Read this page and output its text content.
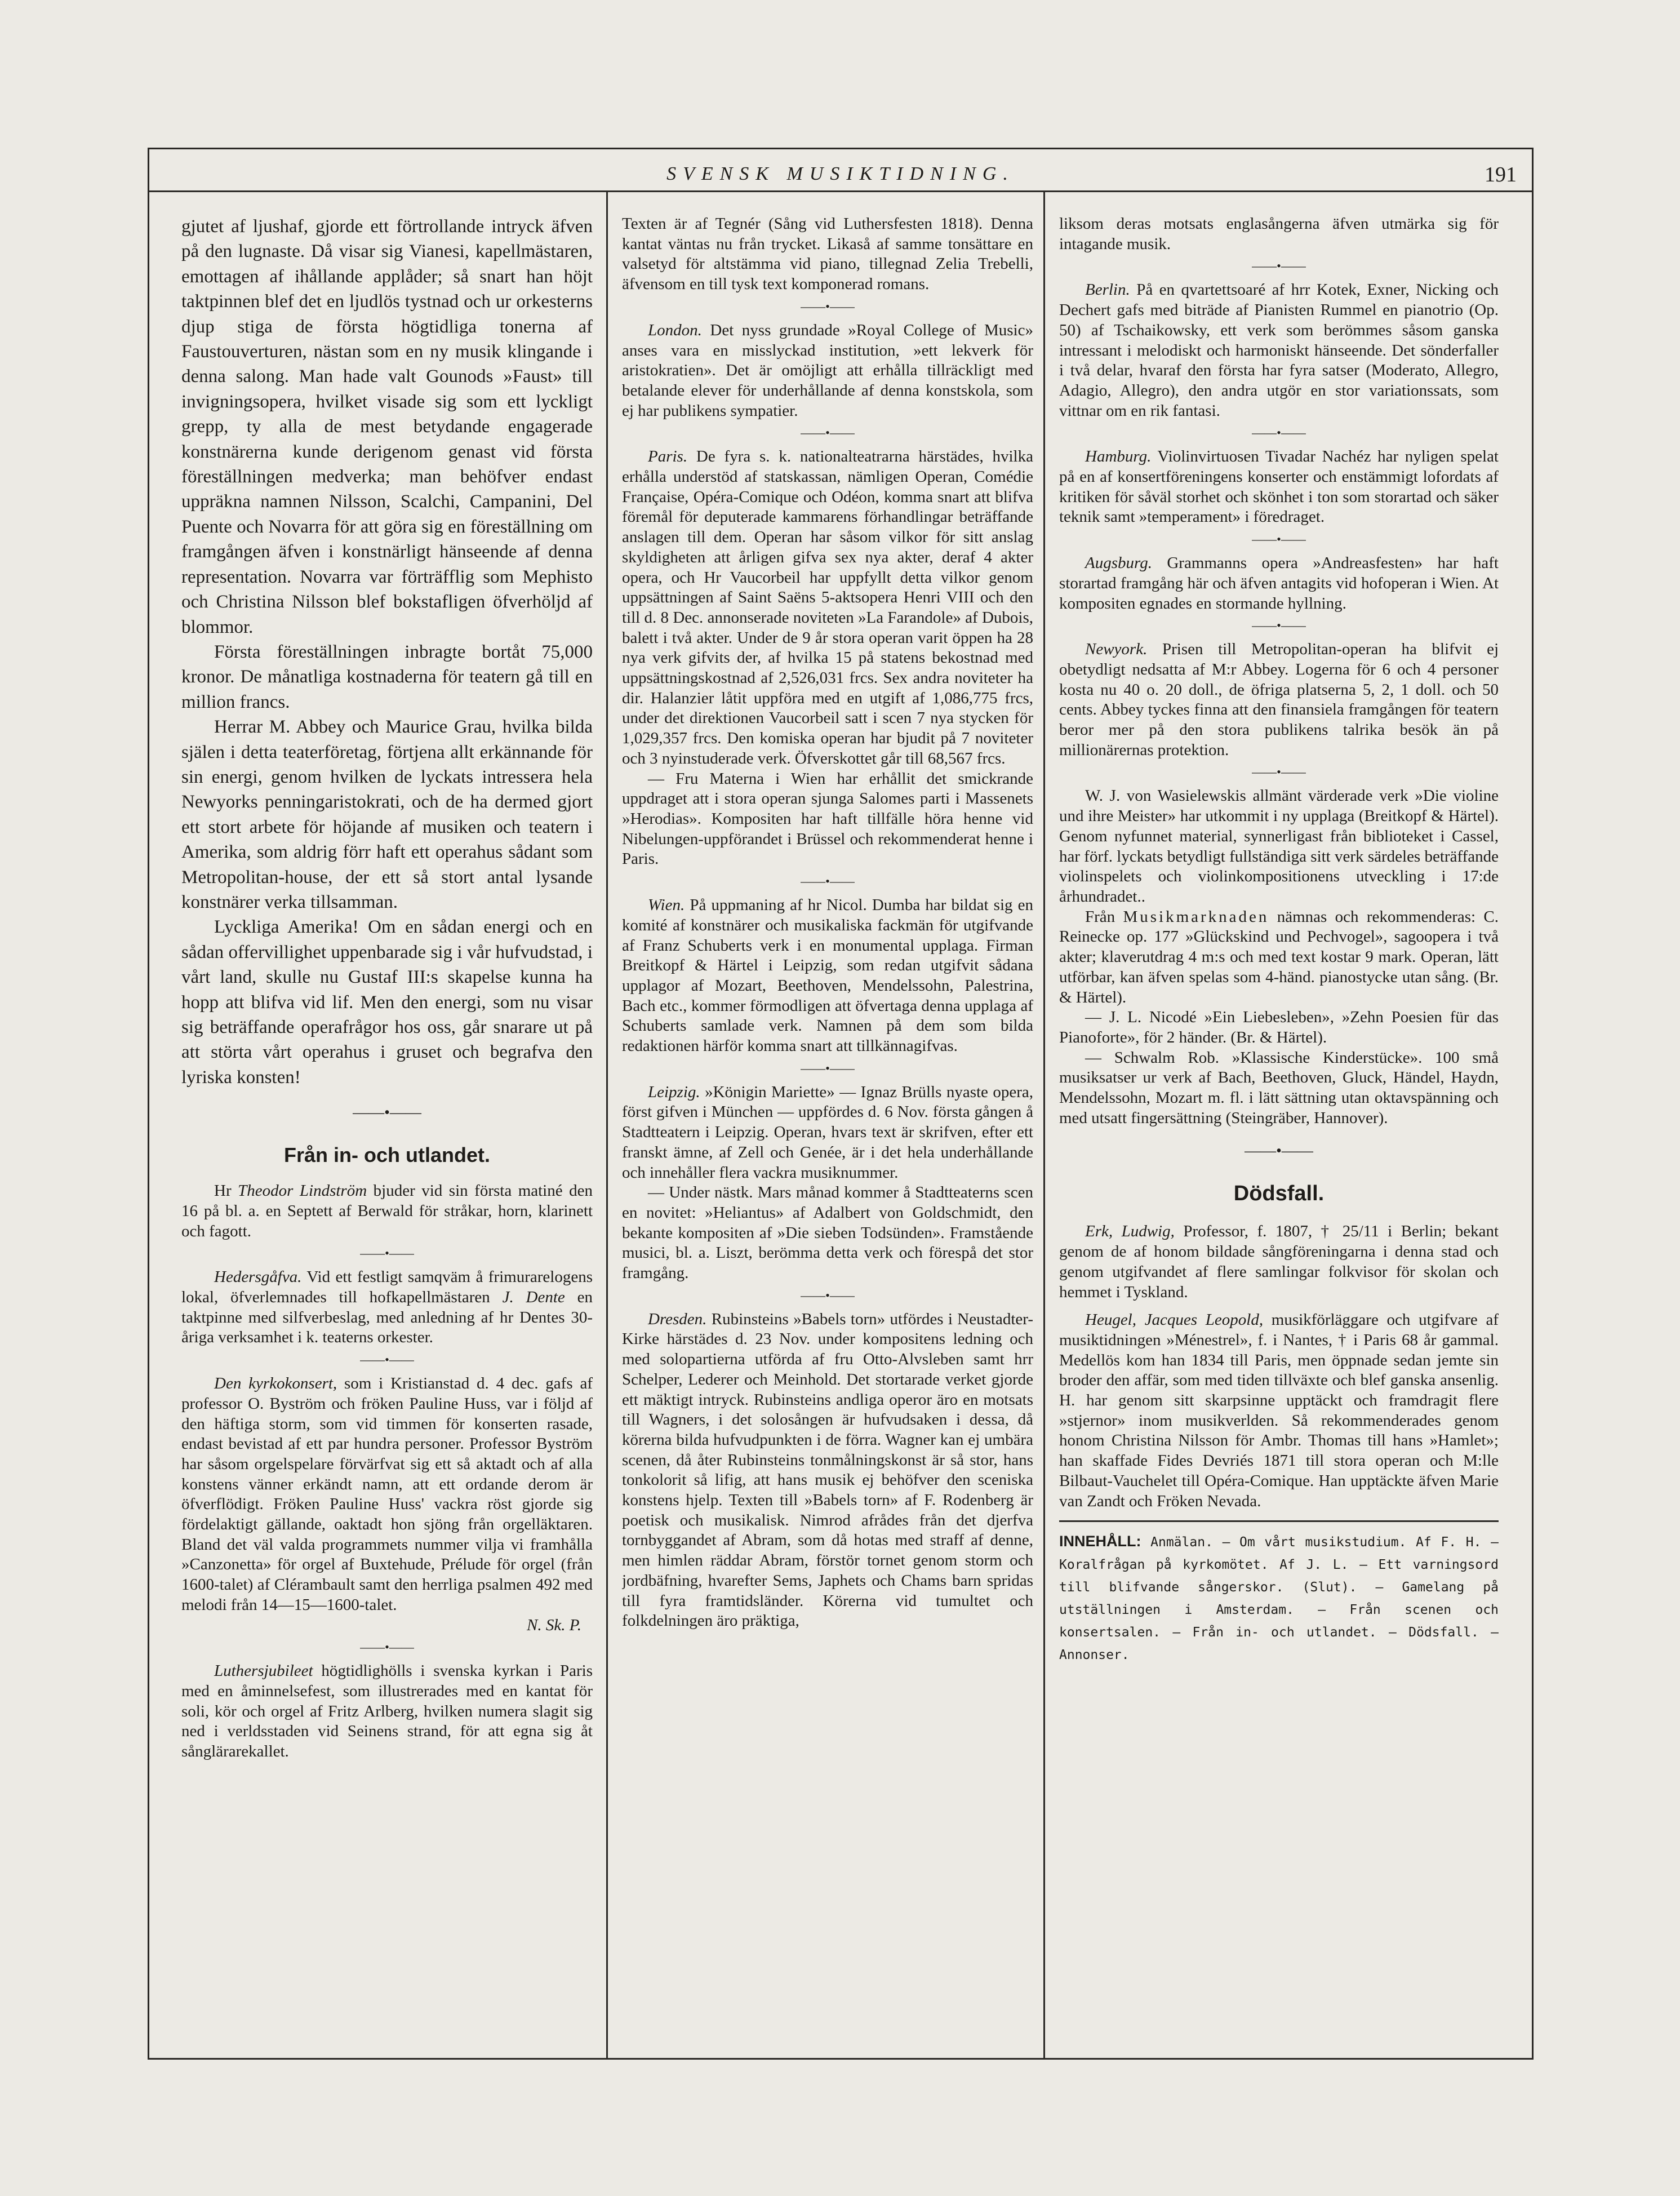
SVENSK MUSIKTIDNING.	191

gjutet af ljushaf, gjorde ett förtrollande intryck äfven på den lugnaste. Då visar sig Vianesi, kapellmästaren, emottagen af ihållande applåder; så snart han höjt taktpinnen blef det en ljudlös tystnad och ur orkesterns djup stiga de första högtidliga tonerna af Faustouverturen, nästan som en ny musik klingande i denna salong. Man hade valt Gounods »Faust» till invigningsopera, hvilket visade sig som ett lyckligt grepp, ty alla de mest betydande engagerade konstnärerna kunde derigenom genast vid första föreställningen medverka; man behöfver endast uppräkna namnen Nilsson, Scalchi, Campanini, Del Puente och Novarra för att göra sig en föreställning om framgången äfven i konstnärligt hänseende af denna representation. Novarra var förträfflig som Mephisto och Christina Nilsson blef bokstafligen öfverhöljd af blommor.

Första föreställningen inbragte bortåt 75,000 kronor. De månatliga kostnaderna för teatern gå till en million francs.

Herrar M. Abbey och Maurice Grau, hvilka bilda själen i detta teaterföretag, förtjena allt erkännande för sin energi, genom hvilken de lyckats intressera hela Newyorks penningaristokrati, och de ha dermed gjort ett stort arbete för höjande af musiken och teatern i Amerika, som aldrig förr haft ett operahus sådant som Metropolitan-house, der ett så stort antal lysande konstnärer verka tillsamman.

Lyckliga Amerika! Om en sådan energi och en sådan offervillighet uppenbarade sig i vår hufvudstad, i vårt land, skulle nu Gustaf III:s skapelse kunna ha hopp att blifva vid lif. Men den energi, som nu visar sig beträffande operafrågor hos oss, går snarare ut på att störta vårt operahus i gruset och begrafva den lyriska konsten!

——•——
Från in- och utlandet.

Hr Theodor Lindström bjuder vid sin första matiné den 16 på bl. a. en Septett af Berwald för stråkar, horn, klarinett och fagott.

——•——

Hedersgåfva. Vid ett festligt samqväm å frimurarelogens lokal, öfverlemnades till hofkapellmästaren J. Dente en taktpinne med silfverbeslag, med anledning af hr Dentes 30-åriga verksamhet i k. teaterns orkester.

——•——

Den kyrkokonsert, som i Kristianstad d. 4 dec. gafs af professor O. Byström och fröken Pauline Huss, var i följd af den häftiga storm, som vid timmen för konserten rasade, endast bevistad af ett par hundra personer. Professor Byström har såsom orgelspelare förvärfvat sig ett så aktadt och af alla konstens vänner erkändt namn, att ett ordande derom är öfverflödigt. Fröken Pauline Huss' vackra röst gjorde sig fördelaktigt gällande, oaktadt hon sjöng från orgelläktaren. Bland det väl valda programmets nummer vilja vi framhålla »Canzonetta» för orgel af Buxtehude, Prélude för orgel (från 1600-talet) af Clérambault samt den herrliga psalmen 492 med melodi från 14—15—1600-talet.

N. Sk. P.

——•——

Luthersjubileet högtidlighölls i svenska kyrkan i Paris med en åminnelsefest, som illustrerades med en kantat för soli, kör och orgel af Fritz Arlberg, hvilken numera slagit sig ned i verldsstaden vid Seinens strand, för att egna sig åt sånglärarekallet.

Texten är af Tegnér (Sång vid Luthersfesten 1818). Denna kantat väntas nu från trycket. Likaså af samme tonsättare en valsetyd för altstämma vid piano, tillegnad Zelia Trebelli, äfvensom en till tysk text komponerad romans.

——•——

London. Det nyss grundade »Royal College of Music» anses vara en misslyckad institution, »ett lekverk för aristokratien». Det är omöjligt att erhålla tillräckligt med betalande elever för underhållande af denna konstskola, som ej har publikens sympatier.

——•——

Paris. De fyra s. k. nationalteatrarna härstädes, hvilka erhålla understöd af statskassan, nämligen Operan, Comédie Française, Opéra-Comique och Odéon, komma snart att blifva föremål för deputerade kammarens förhandlingar beträffande anslagen till dem. Operan har såsom vilkor för sitt anslag skyldigheten att årligen gifva sex nya akter, deraf 4 akter opera, och Hr Vaucorbeil har uppfyllt detta vilkor genom uppsättningen af Saint Saëns 5-aktsopera Henri VIII och den till d. 8 Dec. annonserade noviteten »La Farandole» af Dubois, balett i två akter. Under de 9 år stora operan varit öppen ha 28 nya verk gifvits der, af hvilka 15 på statens bekostnad med uppsättningskostnad af 2,526,031 frcs. Sex andra noviteter ha dir. Halanzier låtit uppföra med en utgift af 1,086,775 frcs, under det direktionen Vaucorbeil satt i scen 7 nya stycken för 1,029,357 frcs. Den komiska operan har bjudit på 7 noviteter och 3 nyinstuderade verk. Öfverskottet går till 68,567 frcs.

— Fru Materna i Wien har erhållit det smickrande uppdraget att i stora operan sjunga Salomes parti i Massenets »Herodias». Kompositen har haft tillfälle höra henne vid Nibelungen-uppförandet i Brüssel och rekommenderat henne i Paris.

——•——

Wien. På uppmaning af hr Nicol. Dumba har bildat sig en komité af konstnärer och musikaliska fackmän för utgifvande af Franz Schuberts verk i en monumental upplaga. Firman Breitkopf & Härtel i Leipzig, som redan utgifvit sådana upplagor af Mozart, Beethoven, Mendelssohn, Palestrina, Bach etc., kommer förmodligen att öfvertaga denna upplaga af Schuberts samlade verk. Namnen på dem som bilda redaktionen härför komma snart att tillkännagifvas.

——•——

Leipzig. »Königin Mariette» — Ignaz Brülls nyaste opera, först gifven i München — uppfördes d. 6 Nov. första gången å Stadtteatern i Leipzig. Operan, hvars text är skrifven, efter ett franskt ämne, af Zell och Genée, är i det hela underhållande och innehåller flera vackra musiknummer.

— Under nästk. Mars månad kommer å Stadtteaterns scen en novitet: »Heliantus» af Adalbert von Goldschmidt, den bekante kompositen af »Die sieben Todsünden». Framstående musici, bl. a. Liszt, berömma detta verk och förespå det stor framgång.

——•——

Dresden. Rubinsteins »Babels torn» utfördes i Neustadter-Kirke härstädes d. 23 Nov. under kompositens ledning och med solopartierna utförda af fru Otto-Alvsleben samt hrr Schelper, Lederer och Meinhold. Det stortarade verket gjorde ett mäktigt intryck. Rubinsteins andliga operor äro en motsats till Wagners, i det solosången är hufvudsaken i dessa, då körerna bilda hufvudpunkten i de förra. Wagner kan ej umbära scenen, då åter Rubinsteins tonmålningskonst är så stor, hans tonkolorit så lifig, att hans musik ej behöfver den sceniska konstens hjelp. Texten till »Babels torn» af F. Rodenberg är poetisk och musikalisk. Nimrod afrådes från det djerfva tornbyggandet af Abram, som då hotas med straff af denne, men himlen räddar Abram, förstör tornet genom storm och jordbäfning, hvarefter Sems, Japhets och Chams barn spridas till fyra framtidsländer. Körerna vid tumultet och folkdelningen äro präktiga,

liksom deras motsats englasångerna äfven utmärka sig för intagande musik.

——•——

Berlin. På en qvartettsoaré af hrr Kotek, Exner, Nicking och Dechert gafs med biträde af Pianisten Rummel en pianotrio (Op. 50) af Tschaikowsky, ett verk som berömmes såsom ganska intressant i melodiskt och harmoniskt hänseende. Det sönderfaller i två delar, hvaraf den första har fyra satser (Moderato, Allegro, Adagio, Allegro), den andra utgör en stor variationssats, som vittnar om en rik fantasi.

——•——

Hamburg. Violinvirtuosen Tivadar Nachéz har nyligen spelat på en af konsertföreningens konserter och enstämmigt lofordats af kritiken för såväl storhet och skönhet i ton som storartad och säker teknik samt »temperament» i föredraget.

——•——

Augsburg. Grammanns opera »Andreasfesten» har haft storartad framgång här och äfven antagits vid hofoperan i Wien. At kompositen egnades en stormande hyllning.

——•——

Newyork. Prisen till Metropolitan-operan ha blifvit ej obetydligt nedsatta af M:r Abbey. Logerna för 6 och 4 personer kosta nu 40 o. 20 doll., de öfriga platserna 5, 2, 1 doll. och 50 cents. Abbey tyckes finna att den finansiela framgången för teatern beror mer på den stora publikens talrika besök än på millionärernas protektion.

——•——

W. J. von Wasielewskis allmänt värderade verk »Die violine und ihre Meister» har utkommit i ny upplaga (Breitkopf & Härtel). Genom nyfunnet material, synnerligast från biblioteket i Cassel, har förf. lyckats betydligt fullständiga sitt verk särdeles beträffande violinspelets och violinkompositionens utveckling i 17:de århundradet..

Från Musikmarknaden nämnas och rekommenderas: C. Reinecke op. 177 »Glückskind und Pechvogel», sagoopera i två akter; klaverutdrag 4 m:s och med text kostar 9 mark. Operan, lätt utförbar, kan äfven spelas som 4-händ. pianostycke utan sång. (Br. & Härtel).

— J. L. Nicodé »Ein Liebesleben», »Zehn Poesien für das Pianoforte», för 2 händer. (Br. & Härtel).

— Schwalm Rob. »Klassische Kinderstücke». 100 små musiksatser ur verk af Bach, Beethoven, Gluck, Händel, Haydn, Mendelssohn, Mozart m. fl. i lätt sättning utan oktavspänning och med utsatt fingersättning (Steingräber, Hannover).

——•——
Dödsfall.

Erk, Ludwig, Professor, f. 1807, † 25/11 i Berlin; bekant genom de af honom bildade sångföreningarna i denna stad och genom utgifvandet af flere samlingar folkvisor för skolan och hemmet i Tyskland.

Heugel, Jacques Leopold, musikförläggare och utgifvare af musiktidningen »Ménestrel», f. i Nantes, † i Paris 68 år gammal. Medellös kom han 1834 till Paris, men öppnade sedan jemte sin broder den affär, som med tiden tillväxte och blef ganska ansenlig. H. har genom sitt skarpsinne upptäckt och framdragit flere »stjernor» inom musikverlden. Så rekommenderades genom honom Christina Nilsson för Ambr. Thomas till hans »Hamlet»; han skaffade Fides Devriés 1871 till stora operan och M:lle Bilbaut-Vauchelet till Opéra-Comique. Han upptäckte äfven Marie van Zandt och Fröken Nevada.

INNEHÅLL: Anmälan. — Om vårt musikstudium. Af F. H. — Koralfrågan på kyrkomötet. Af J. L. — Ett varningsord till blifvande sångerskor. (Slut). — Gamelang på utställningen i Amsterdam. — Från scenen och konsertsalen. — Från in- och utlandet. — Dödsfall. — Annonser.
